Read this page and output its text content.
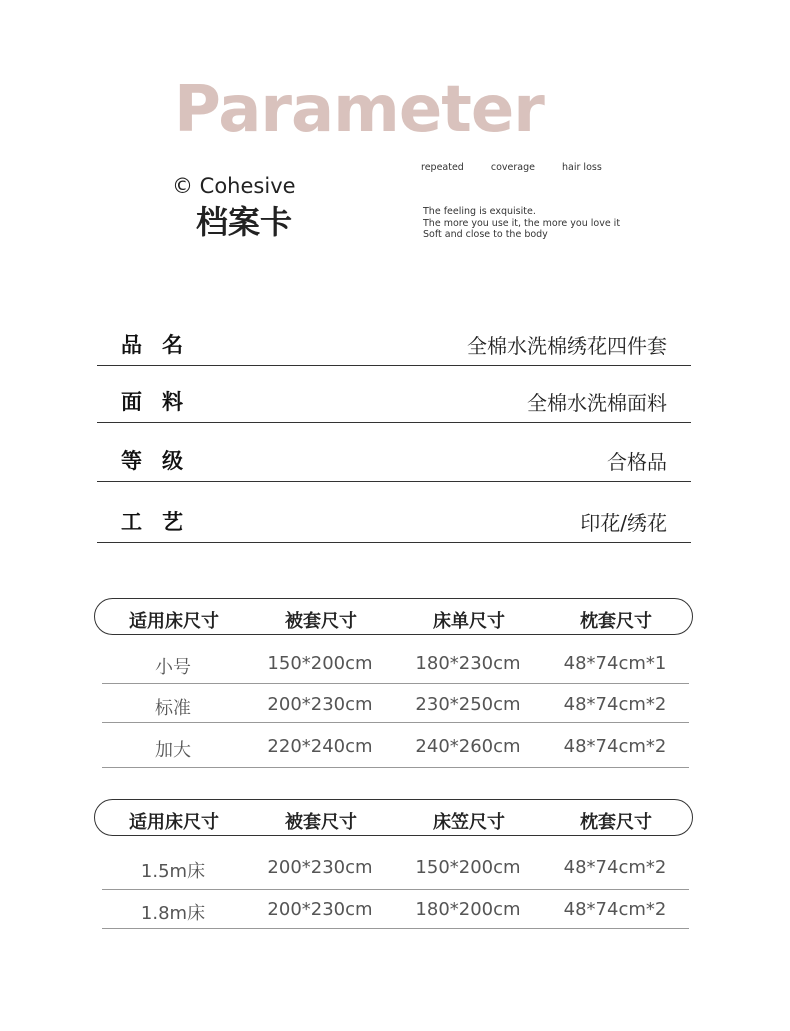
Parameter
© Cohesive
档案卡
repeated	coverage	hair loss
The feeling is exquisite.
The more you use it, the more you love it
Soft and close to the body
品名	全棉水洗棉绣花四件套
面料	全棉水洗棉面料
等级	合格品
工艺	印花/绣花
适用床尺寸	被套尺寸	床单尺寸	枕套尺寸
小号	150*200cm	180*230cm	48*74cm*1
标准	200*230cm	230*250cm	48*74cm*2
加大	220*240cm	240*260cm	48*74cm*2
适用床尺寸	被套尺寸	床笠尺寸	枕套尺寸
1.5m床	200*230cm	150*200cm	48*74cm*2
1.8m床	200*230cm	180*200cm	48*74cm*2
